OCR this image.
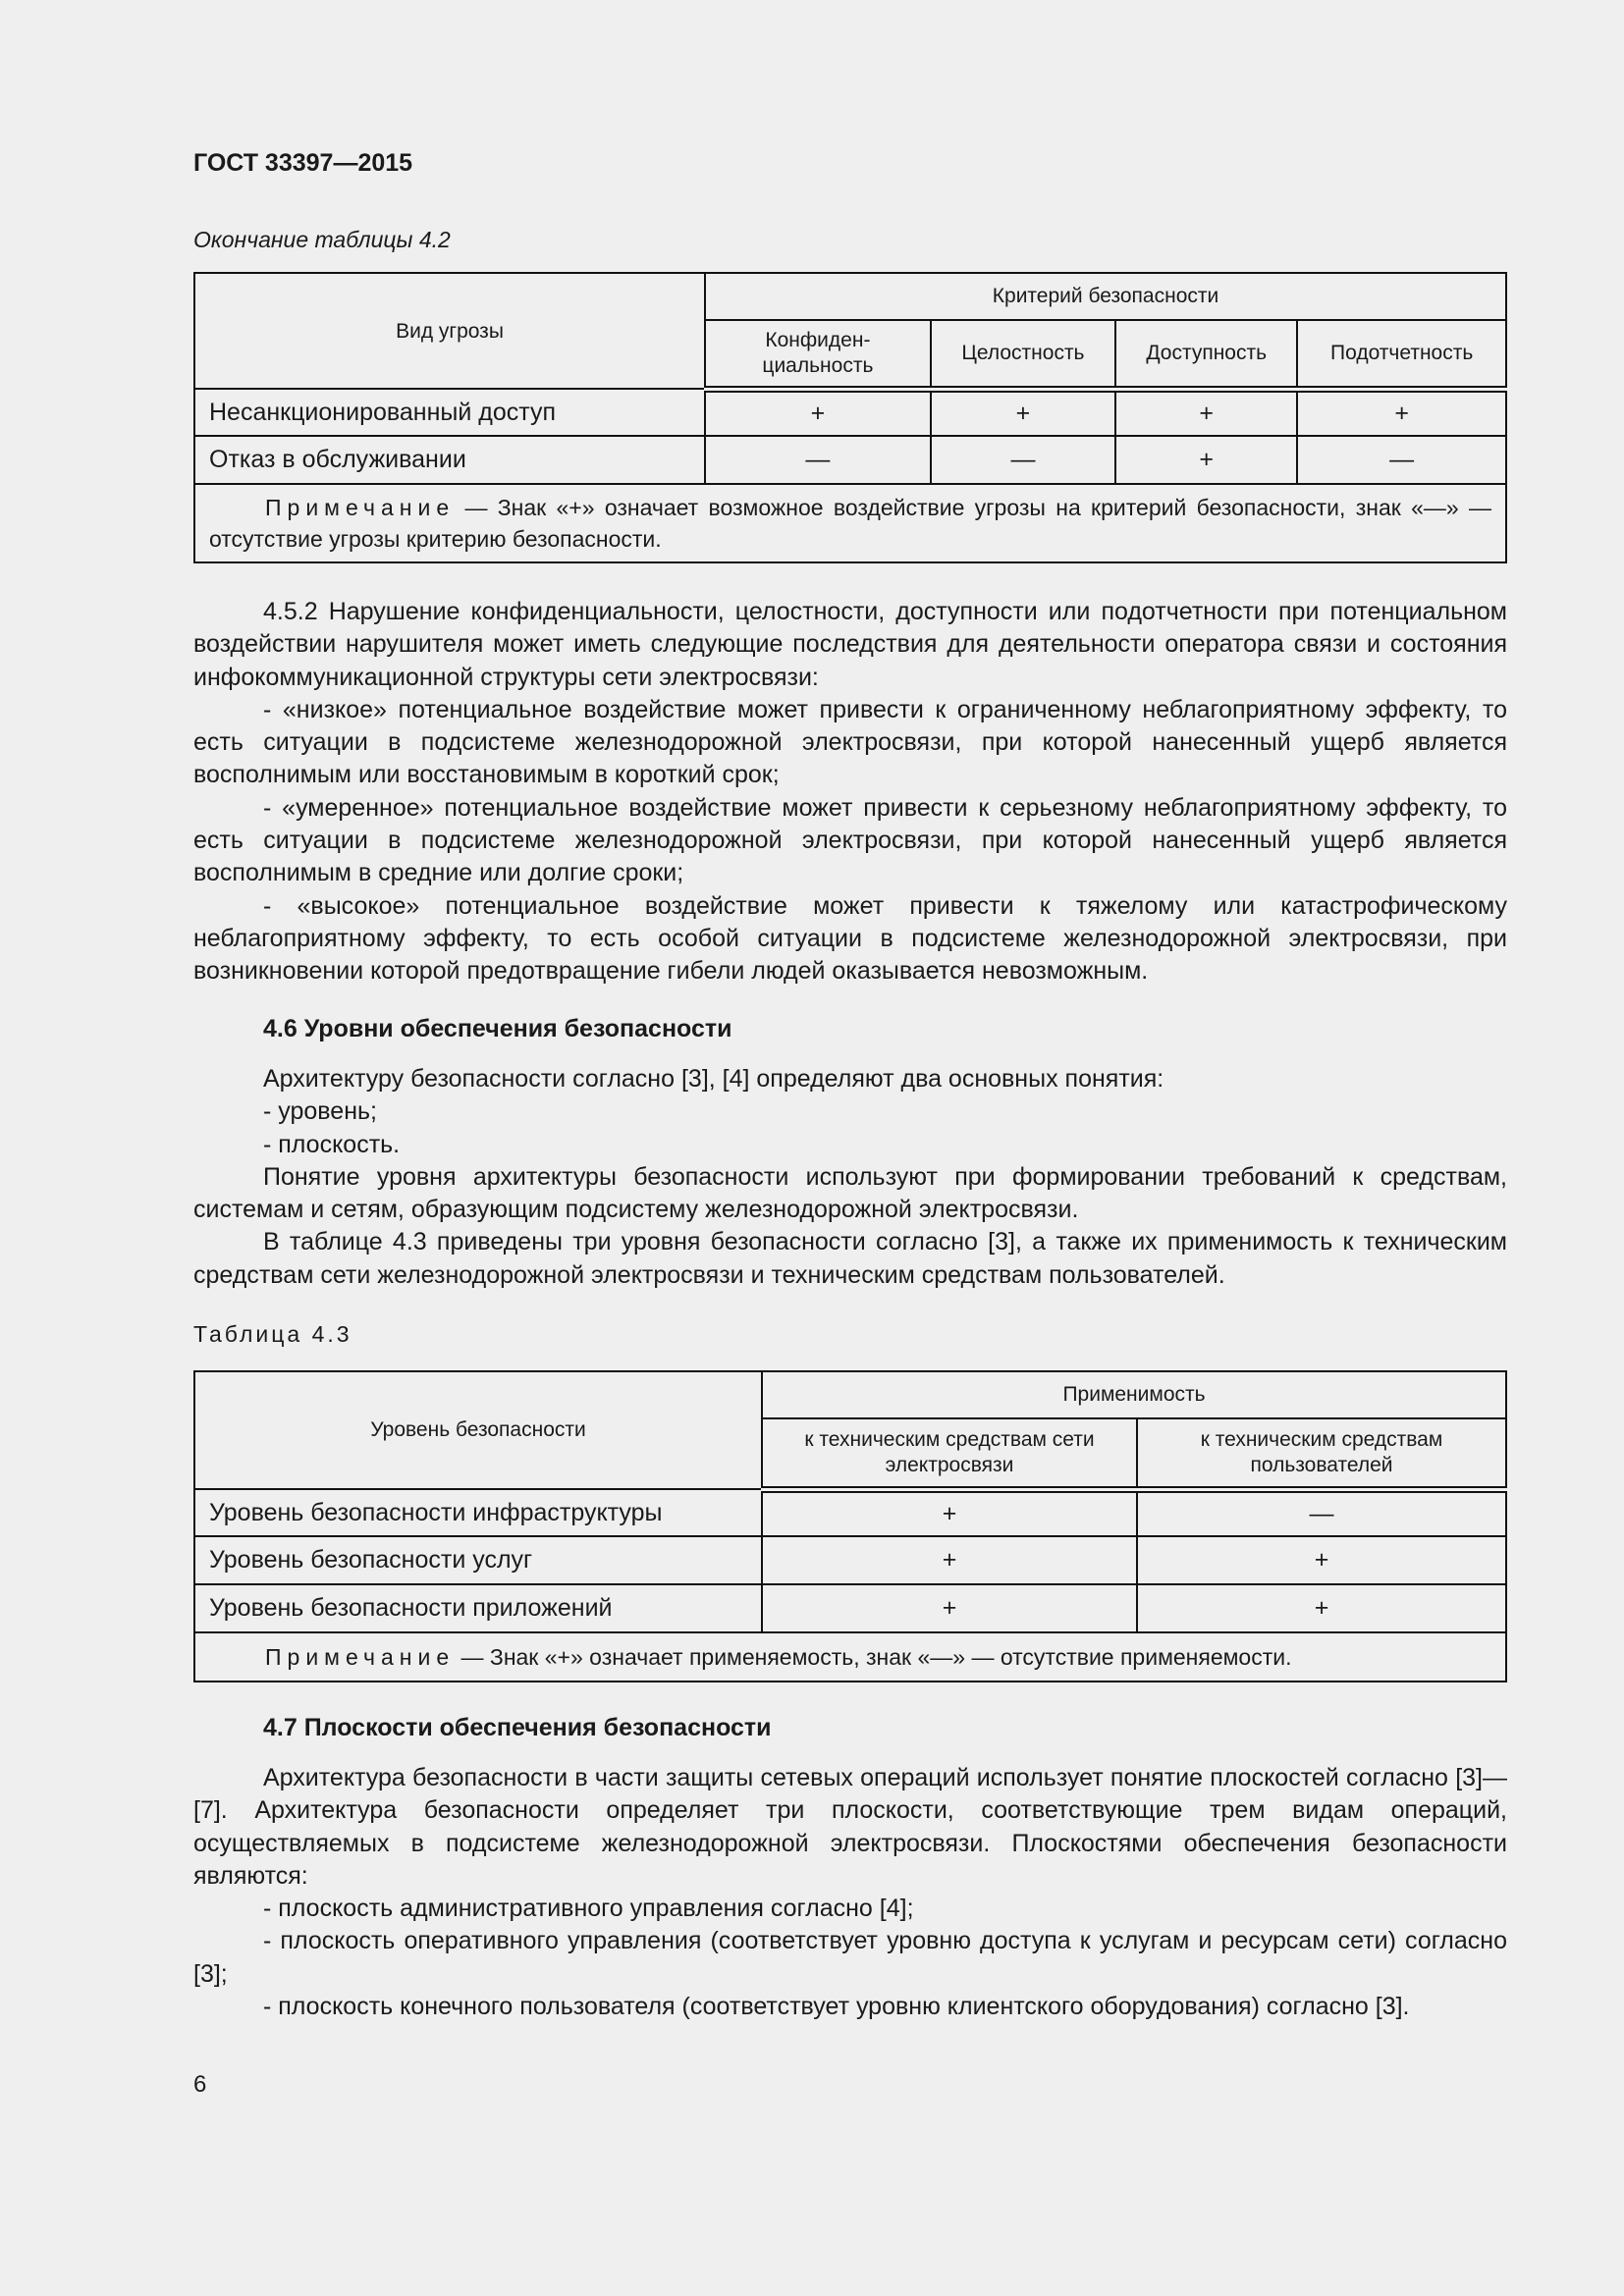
ГОСТ 33397—2015
Окончание таблицы 4.2
Вид угрозы	Критерий безопасности			
	Конфиден-циальность	Целостность	Доступность	Подотчетность
Несанкционированный доступ	+	+	+	+
Отказ в обслуживании	—	—	+	—
Примечание — Знак «+» означает возможное воздействие угрозы на критерий безопасности, знак «—» — отсутствие угрозы критерию безопасности.				

4.5.2 Нарушение конфиденциальности, целостности, доступности или подотчетности при потенциальном воздействии нарушителя может иметь следующие последствия для деятельности оператора связи и состояния инфокоммуникационной структуры сети электросвязи:

- «низкое» потенциальное воздействие может привести к ограниченному неблагоприятному эффекту, то есть ситуации в подсистеме железнодорожной электросвязи, при которой нанесенный ущерб является восполнимым или восстановимым в короткий срок;

- «умеренное» потенциальное воздействие может привести к серьезному неблагоприятному эффекту, то есть ситуации в подсистеме железнодорожной электросвязи, при которой нанесенный ущерб является восполнимым в средние или долгие сроки;

- «высокое» потенциальное воздействие может привести к тяжелому или катастрофическому неблагоприятному эффекту, то есть особой ситуации в подсистеме железнодорожной электросвязи, при возникновении которой предотвращение гибели людей оказывается невозможным.

4.6 Уровни обеспечения безопасности

Архитектуру безопасности согласно [3], [4] определяют два основных понятия:

- уровень;

- плоскость.

Понятие уровня архитектуры безопасности используют при формировании требований к средствам, системам и сетям, образующим подсистему железнодорожной электросвязи.

В таблице 4.3 приведены три уровня безопасности согласно [3], а также их применимость к техническим средствам сети железнодорожной электросвязи и техническим средствам пользователей.

Таблица 4.3
Уровень безопасности	Применимость	
	к техническим средствам сети электросвязи	к техническим средствам пользователей
Уровень безопасности инфраструктуры	+	—
Уровень безопасности услуг	+	+
Уровень безопасности приложений	+	+
Примечание — Знак «+» означает применяемость, знак «—» — отсутствие применяемости.		
4.7 Плоскости обеспечения безопасности

Архитектура безопасности в части защиты сетевых операций использует понятие плоскостей согласно [3]—[7]. Архитектура безопасности определяет три плоскости, соответствующие трем видам операций, осуществляемых в подсистеме железнодорожной электросвязи. Плоскостями обеспечения безопасности являются:

- плоскость административного управления согласно [4];

- плоскость оперативного управления (соответствует уровню доступа к услугам и ресурсам сети) согласно [3];

- плоскость конечного пользователя (соответствует уровню клиентского оборудования) согласно [3].

6
